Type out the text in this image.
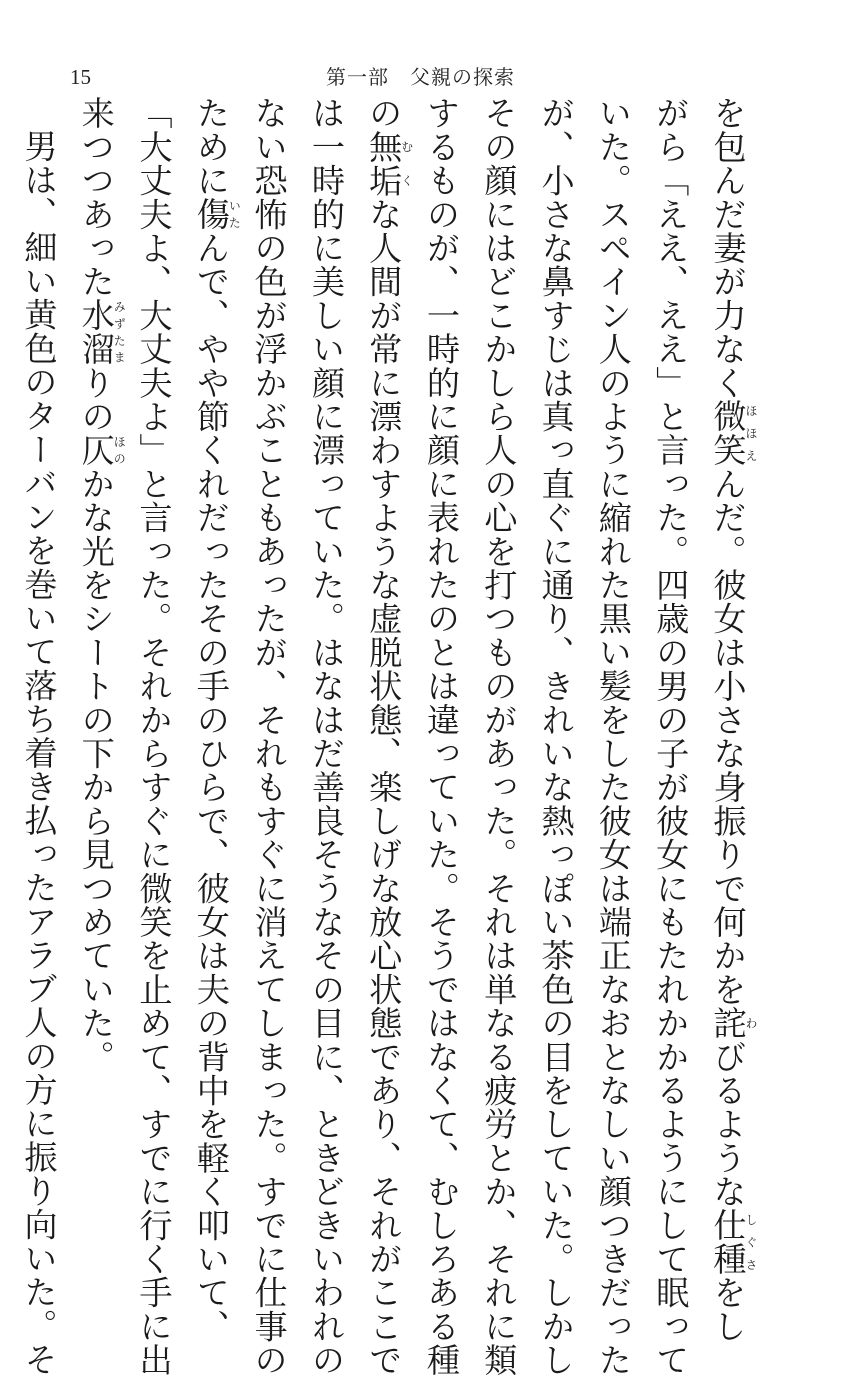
15	第一部　父親の探索
を包んだ妻が力なく微笑ほほえんだ。彼女は小さな身振りで何かを詫わびるような仕種しぐさをし
がら「ええ、ええ」と言った。四歳の男の子が彼女にもたれかかるようにして眠って
いた。スペイン人のように縮れた黒い髪をした彼女は端正なおとなしい顔つきだった
が、小さな鼻すじは真っ直ぐに通り、きれいな熱っぽい茶色の目をしていた。しかし
その顔にはどこかしら人の心を打つものがあった。それは単なる疲労とか、それに類
するものが、一時的に顔に表れたのとは違っていた。そうではなくて、むしろある種
の無垢むくな人間が常に漂わすような虚脱状態、楽しげな放心状態であり、それがここで
は一時的に美しい顔に漂っていた。はなはだ善良そうなその目に、ときどきいわれの
ない恐怖の色が浮かぶこともあったが、それもすぐに消えてしまった。すでに仕事の
ために傷いたんで、やや節くれだったその手のひらで、彼女は夫の背中を軽く叩いて、
「大丈夫よ、大丈夫よ」と言った。それからすぐに微笑を止めて、すでに行く手に出
来つつあった水溜みずたまりの仄ほのかな光をシートの下から見つめていた。
男は、細い黄色のターバンを巻いて落ち着き払ったアラブ人の方に振り向いた。そ
